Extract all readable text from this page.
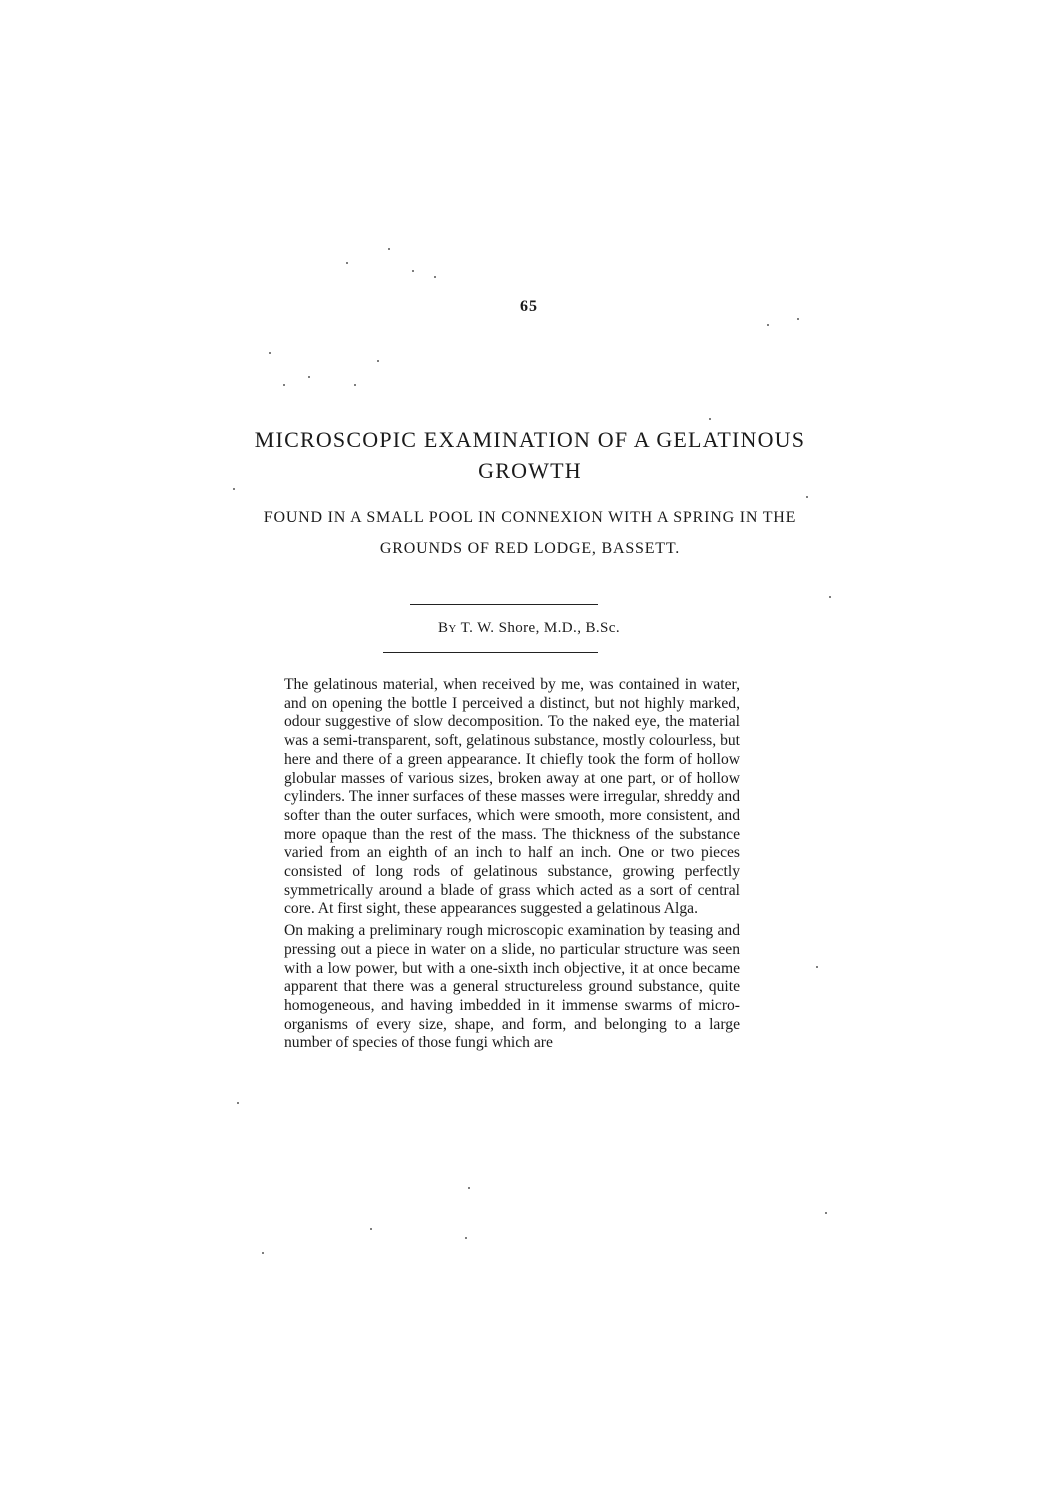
65
MICROSCOPIC EXAMINATION OF A GELATINOUS GROWTH

FOUND IN A SMALL POOL IN CONNEXION WITH A SPRING IN THE GROUNDS OF RED LODGE, BASSETT.

By T. W. Shore, M.D., B.Sc.

The gelatinous material, when received by me, was contained in water, and on opening the bottle I perceived a distinct, but not highly marked, odour suggestive of slow decomposition. To the naked eye, the material was a semi-transparent, soft, gelatinous substance, mostly colourless, but here and there of a green appearance. It chiefly took the form of hollow globular masses of various sizes, broken away at one part, or of hollow cylinders. The inner surfaces of these masses were irregular, shreddy and softer than the outer surfaces, which were smooth, more consistent, and more opaque than the rest of the mass. The thickness of the substance varied from an eighth of an inch to half an inch. One or two pieces consisted of long rods of gelatinous substance, growing perfectly symmetrically around a blade of grass which acted as a sort of central core. At first sight, these appearances suggested a gelatinous Alga.

On making a preliminary rough microscopic examination by teasing and pressing out a piece in water on a slide, no particular structure was seen with a low power, but with a one-sixth inch objective, it at once became apparent that there was a general structureless ground substance, quite homogeneous, and having imbedded in it immense swarms of micro-organisms of every size, shape, and form, and belonging to a large number of species of those fungi which are
